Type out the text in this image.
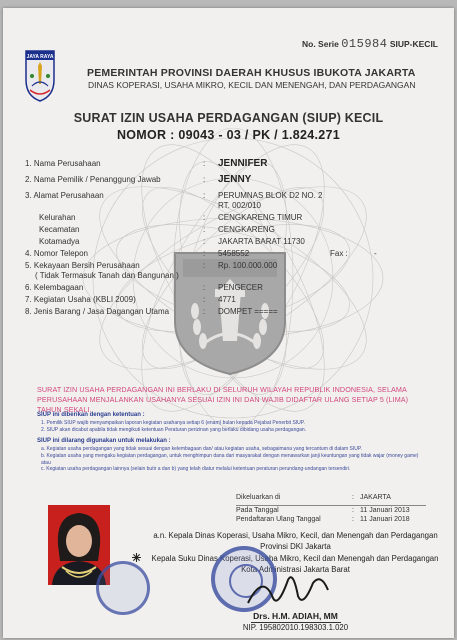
JAYA RAYA
No. Serie 015984 SIUP-KECIL
PEMERINTAH PROVINSI DAERAH KHUSUS IBUKOTA JAKARTA
DINAS KOPERASI, USAHA MIKRO, KECIL DAN MENENGAH, DAN PERDAGANGAN
SURAT IZIN USAHA PERDAGANGAN (SIUP) KECIL
NOMOR : 09043 - 03 / PK / 1.824.271
1. Nama Perusahaan	: JENNIFER
2. Nama Pemilik / Penanggung Jawab	: JENNY
3. Alamat Perusahaan	: PERUMNAS BLOK D2 NO. 2
RT. 002/010
Kelurahan	: CENGKARENG TIMUR
Kecamatan	: CENGKARENG
Kotamadya	: JAKARTA BARAT 11730
4. Nomor Telepon	: 5458552	Fax :	-
5. Kekayaan Bersih Perusahaan	: Rp. 100.000.000
( Tidak Termasuk Tanah dan Bangunan )
6. Kelembagaan	: PENGECER
7. Kegiatan Usaha (KBLI 2009)	: 4771
8. Jenis Barang / Jasa Dagangan Utama	: DOMPET =====
SURAT IZIN USAHA PERDAGANGAN INI BERLAKU DI SELURUH WILAYAH REPUBLIK INDONESIA, SELAMA PERUSAHAAN MENJALANKAN USAHANYA SESUAI IZIN INI DAN WAJIB DIDAFTAR ULANG SETIAP 5 (LIMA) TAHUN SEKALI.
SIUP ini diberikan dengan ketentuan :
1. Pemilik SIUP wajib menyampaikan laporan kegiatan usahanya setiap 6 (enam) bulan kepada Pejabat Penerbit SIUP.
2. SIUP akan dicabut apabila tidak mengikuti ketentuan Peraturan perizinan yang berlaku dibidang usaha perdagangan.
SIUP ini dilarang digunakan untuk melakukan :
a. Kegiatan usaha perdagangan yang tidak sesuai dengan kelembagaan dan/ atau kegiatan usaha, sebagaimana yang tercantum di dalam SIUP.
b. Kegiatan usaha yang mengaku kegiatan perdagangan, untuk menghimpun dana dari masyarakat dengan menawarkan janji keuntungan yang tidak wajar (money game) atau
c. Kegiatan usaha perdagangan lainnya (selain butir a dan b) yang telah diatur melalui ketentuan peraturan perundang-undangan tersendiri.
Dikeluarkan di	: JAKARTA
Pada Tanggal	: 11 Januari 2013
Pendaftaran Ulang Tanggal	: 11 Januari 2018
a.n. Kepala Dinas Koperasi, Usaha Mikro, Kecil, dan Menengah dan Perdagangan
Provinsi DKI Jakarta
Kepala Suku Dinas Koperasi, Usaha Mikro, Kecil dan Menengah dan Perdagangan
Kota Administrasi Jakarta Barat
Drs. H.M. ADIAH, MM
NIP. 195802010.198303.1.020
